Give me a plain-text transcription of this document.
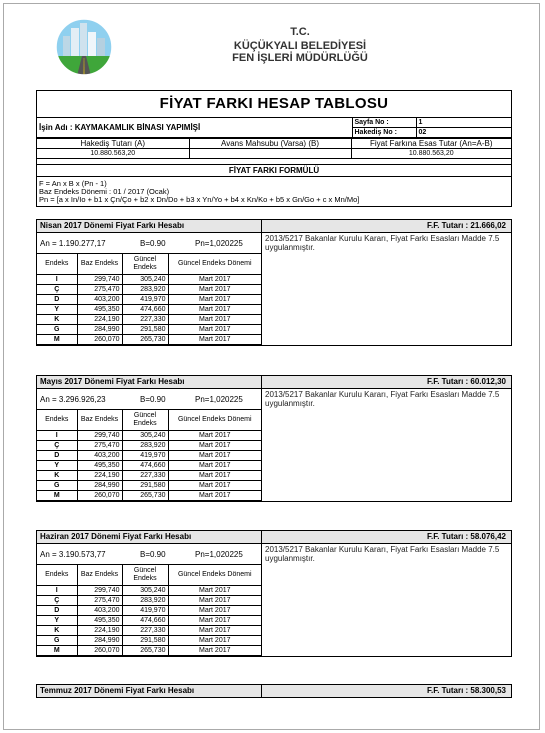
T.C.
KÜÇÜKYALI BELEDİYESİ
FEN İŞLERİ MÜDÜRLÜĞÜ
FİYAT FARKI HESAP TABLOSU
İşin Adı : KAYMAKAMLIK BİNASI YAPIMİŞİ	Sayfa No :	1
	Hakediş No :	02
Hakediş Tutarı (A)	Avans Mahsubu (Varsa) (B)	Fiyat Farkına Esas Tutar (An=A-B)
10.880.563,20		10.880.563,20

FİYAT FARKI FORMÜLÜ		

F = An x B x (Pn - 1)
Baz Endeks Dönemi : 01 / 2017 (Ocak)
Pn = [a x In/Io + b1 x Çn/Ço + b2 x Dn/Do + b3 x Yn/Yo + b4 x Kn/Ko + b5 x Gn/Go + c x Mn/Mo]		
Nisan 2017 Dönemi Fiyat Farkı Hesabı	F.F. Tutarı : 21.666,02
An = 1.190.277,17	B=0.90	Pn=1,020225
Endeks	Baz Endeks	Güncel Endeks	Güncel Endeks Dönemi
I	299,740	305,240	Mart 2017
Ç	275,470	283,920	Mart 2017
D	403,200	419,970	Mart 2017
Y	495,350	474,660	Mart 2017
K	224,190	227,330	Mart 2017
G	284,990	291,580	Mart 2017
M	260,070	265,730	Mart 2017
2013/5217 Bakanlar Kurulu Kararı, Fiyat Farkı Esasları Madde 7.5 uygulanmıştır.
Mayıs 2017 Dönemi Fiyat Farkı Hesabı	F.F. Tutarı : 60.012,30
An = 3.296.926,23	B=0.90	Pn=1,020225
Endeks	Baz Endeks	Güncel Endeks	Güncel Endeks Dönemi
I	299,740	305,240	Mart 2017
Ç	275,470	283,920	Mart 2017
D	403,200	419,970	Mart 2017
Y	495,350	474,660	Mart 2017
K	224,190	227,330	Mart 2017
G	284,990	291,580	Mart 2017
M	260,070	265,730	Mart 2017
2013/5217 Bakanlar Kurulu Kararı, Fiyat Farkı Esasları Madde 7.5 uygulanmıştır.
Haziran 2017 Dönemi Fiyat Farkı Hesabı	F.F. Tutarı : 58.076,42
An = 3.190.573,77	B=0.90	Pn=1,020225
Endeks	Baz Endeks	Güncel Endeks	Güncel Endeks Dönemi
I	299,740	305,240	Mart 2017
Ç	275,470	283,920	Mart 2017
D	403,200	419,970	Mart 2017
Y	495,350	474,660	Mart 2017
K	224,190	227,330	Mart 2017
G	284,990	291,580	Mart 2017
M	260,070	265,730	Mart 2017
2013/5217 Bakanlar Kurulu Kararı, Fiyat Farkı Esasları Madde 7.5 uygulanmıştır.
Temmuz 2017 Dönemi Fiyat Farkı Hesabı	F.F. Tutarı : 58.300,53
